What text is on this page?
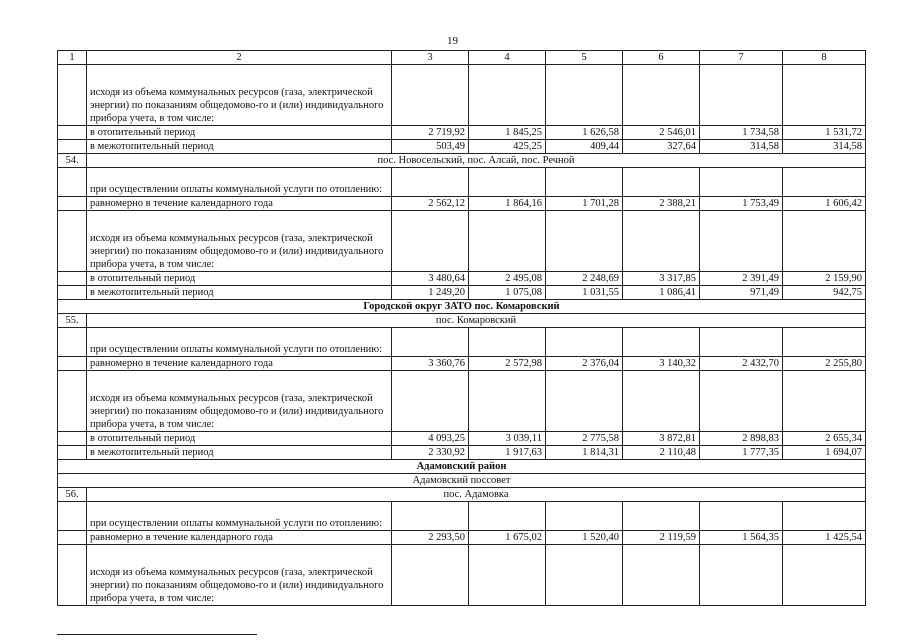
19
1	2	3	4	5	6	7	8
	исходя из объема коммунальных ресурсов (газа, электрической энергии) по показаниям общедомово-го и (или) индивидуального прибора учета, в том числе:						
	в отопительный период	2 719,92	1 845,25	1 626,58	2 546,01	1 734,58	1 531,72
	в межотопительный период	503,49	425,25	409,44	327,64	314,58	314,58
54.	пос. Новосельский, пос. Алсай, пос. Речной						
	при осуществлении оплаты коммунальной услуги по отоплению:						
	равномерно в течение календарного года	2 562,12	1 864,16	1 701,28	2 388,21	1 753,49	1 606,42
	исходя из объема коммунальных ресурсов (газа, электрической энергии) по показаниям общедомово-го и (или) индивидуального прибора учета, в том числе:						
	в отопительный период	3 480,64	2 495,08	2 248,69	3 317,85	2 391,49	2 159,90
	в межотопительный период	1 249,20	1 075,08	1 031,55	1 086,41	971,49	942,75
Городской округ ЗАТО пос. Комаровский							
55.	пос. Комаровский						
	при осуществлении оплаты коммунальной услуги по отоплению:						
	равномерно в течение календарного года	3 360,76	2 572,98	2 376,04	3 140,32	2 432,70	2 255,80
	исходя из объема коммунальных ресурсов (газа, электрической энергии) по показаниям общедомово-го и (или) индивидуального прибора учета, в том числе:						
	в отопительный период	4 093,25	3 039,11	2 775,58	3 872,81	2 898,83	2 655,34
	в межотопительный период	2 330,92	1 917,63	1 814,31	2 110,48	1 777,35	1 694,07
Адамовский район							
Адамовский поссовет							
56.	пос. Адамовка						
	при осуществлении оплаты коммунальной услуги по отоплению:						
	равномерно в течение календарного года	2 293,50	1 675,02	1 520,40	2 119,59	1 564,35	1 425,54
	исходя из объема коммунальных ресурсов (газа, электрической энергии) по показаниям общедомово-го и (или) индивидуального прибора учета, в том числе:						
